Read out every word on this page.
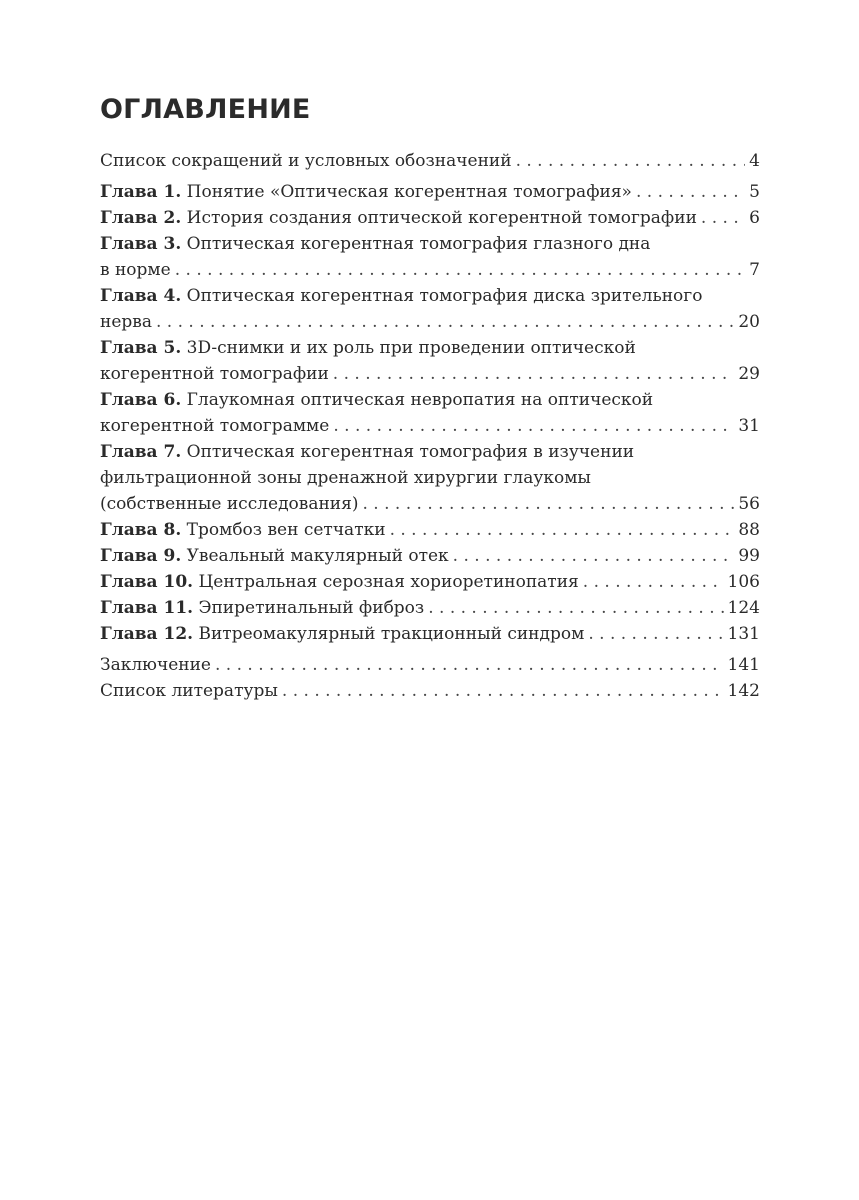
ОГЛАВЛЕНИЕ
Список сокращений и условных обозначений . . .	4
Глава 1. Понятие «Оптическая когерентная томография» . . .	5
Глава 2. История создания оптической когерентной томографии . . .	6
Глава 3. Оптическая когерентная томография глазного дна
в норме . . .	7
Глава 4. Оптическая когерентная томография диска зрительного
нерва . . .	20
Глава 5. 3D-снимки и их роль при проведении оптической
когерентной томографии . . .	29
Глава 6. Глаукомная оптическая невропатия на оптической
когерентной томограмме . . .	31
Глава 7. Оптическая когерентная томография в изучении
фильтрационной зоны дренажной хирургии глаукомы
(собственные исследования) . . .	56
Глава 8. Тромбоз вен сетчатки . . .	88
Глава 9. Увеальный макулярный отек . . .	99
Глава 10. Центральная серозная хориоретинопатия . . .	106
Глава 11. Эпиретинальный фиброз . . .	124
Глава 12. Витреомакулярный тракционный синдром . . .	131
Заключение . . .	141
Список литературы . . .	142
